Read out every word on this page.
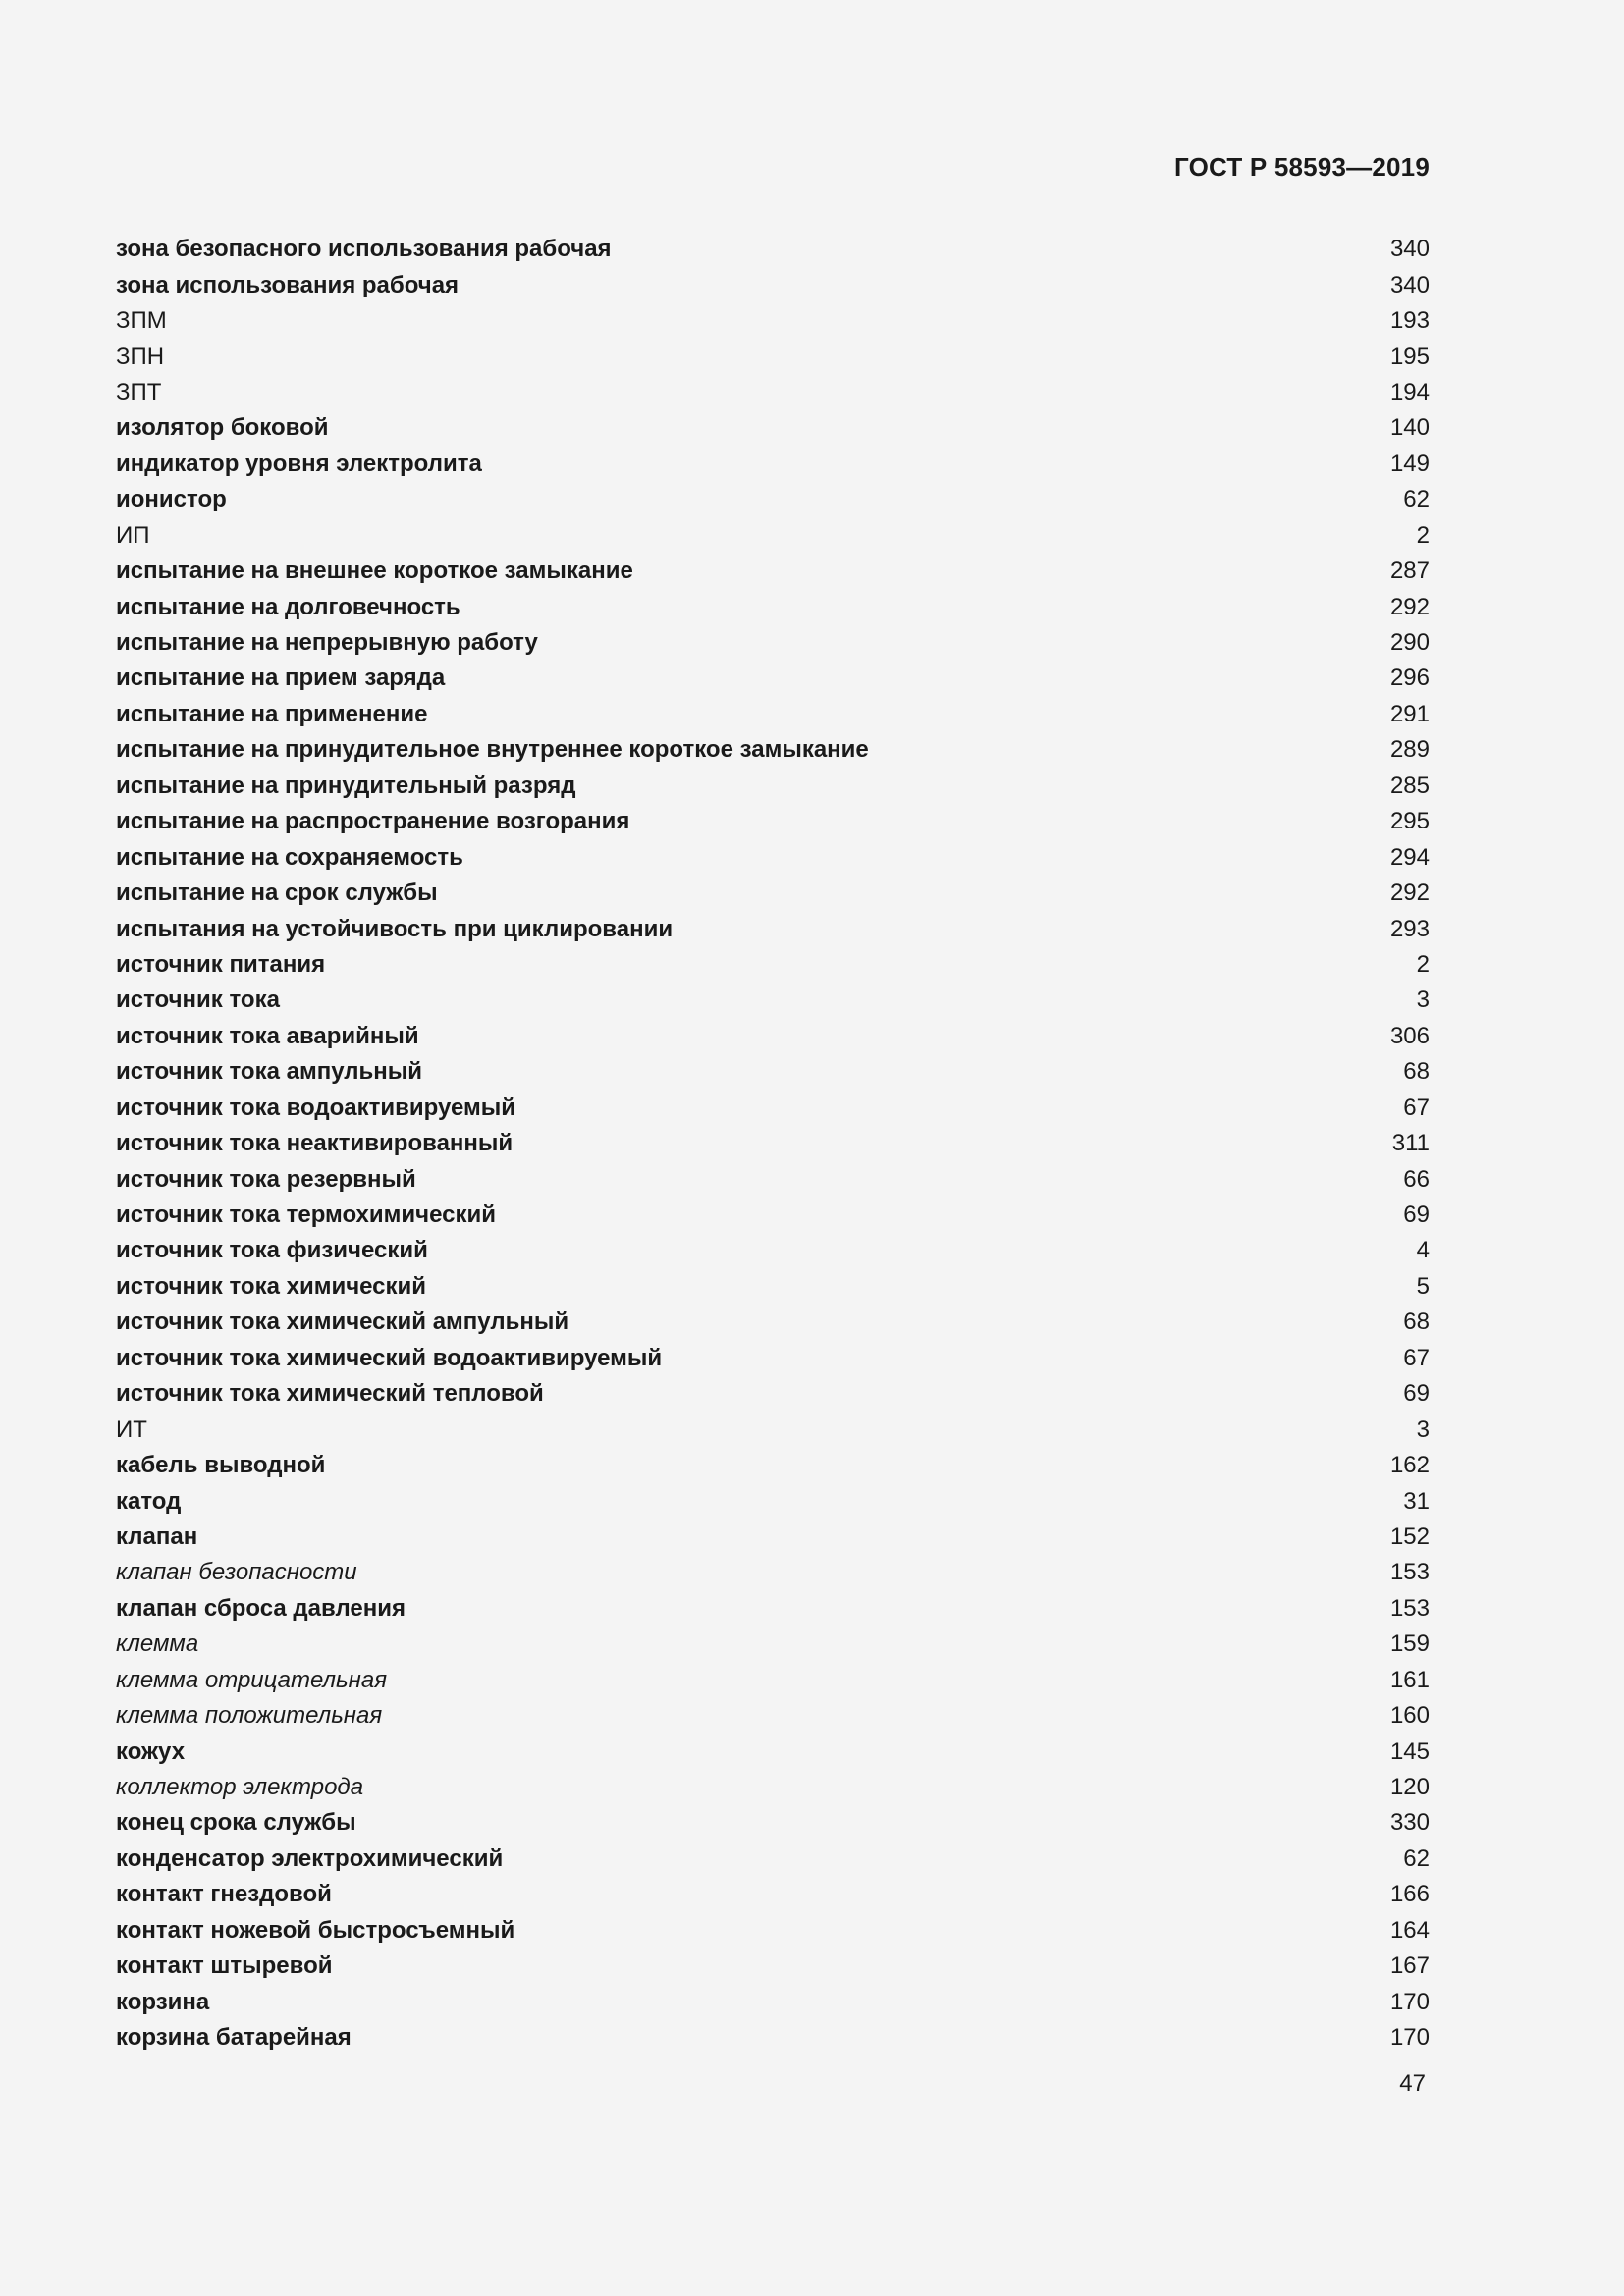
ГОСТ Р 58593—2019
зона безопасного использования рабочая	340
зона использования рабочая	340
ЗПМ	193
ЗПН	195
ЗПТ	194
изолятор боковой	140
индикатор уровня электролита	149
ионистор	62
ИП	2
испытание на внешнее короткое замыкание	287
испытание на долговечность	292
испытание на непрерывную работу	290
испытание на прием заряда	296
испытание на применение	291
испытание на принудительное внутреннее короткое замыкание	289
испытание на принудительный разряд	285
испытание на распространение возгорания	295
испытание на сохраняемость	294
испытание на срок службы	292
испытания на устойчивость при циклировании	293
источник питания	2
источник тока	3
источник тока аварийный	306
источник тока ампульный	68
источник тока водоактивируемый	67
источник тока неактивированный	311
источник тока резервный	66
источник тока термохимический	69
источник тока физический	4
источник тока химический	5
источник тока химический ампульный	68
источник тока химический водоактивируемый	67
источник тока химический тепловой	69
ИТ	3
кабель выводной	162
катод	31
клапан	152
клапан безопасности	153
клапан сброса давления	153
клемма	159
клемма отрицательная	161
клемма положительная	160
кожух	145
коллектор электрода	120
конец срока службы	330
конденсатор электрохимический	62
контакт гнездовой	166
контакт ножевой быстросъемный	164
контакт штыревой	167
корзина	170
корзина батарейная	170
47
